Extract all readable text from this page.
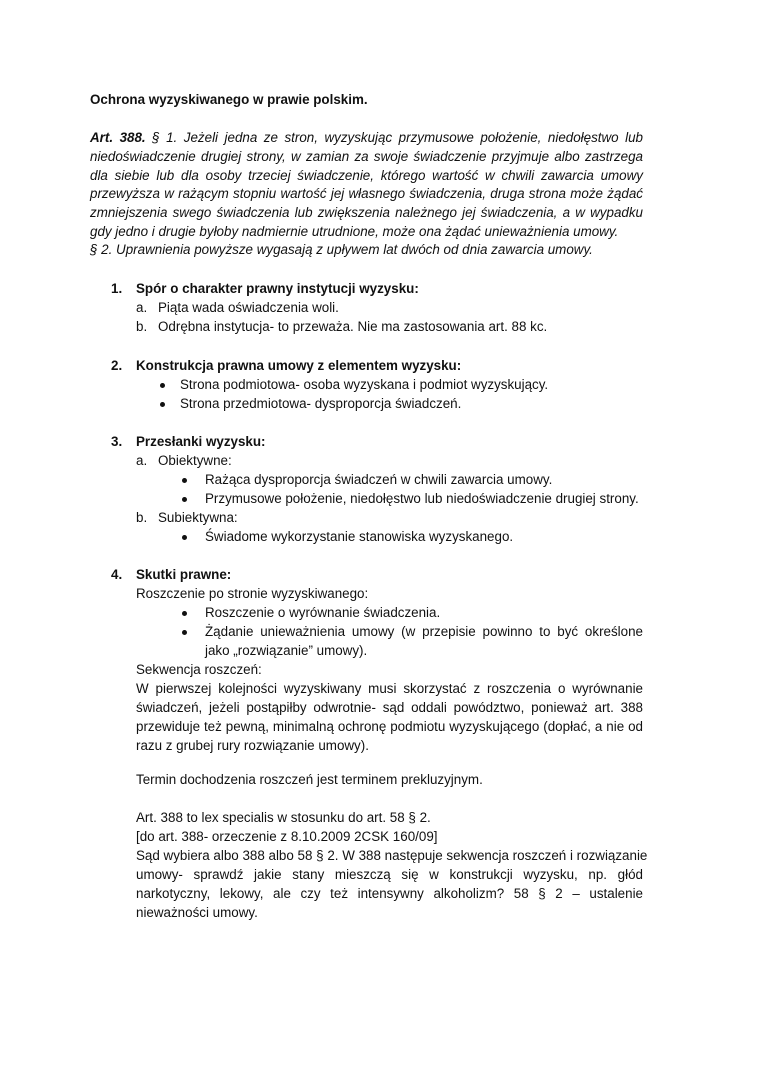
Ochrona wyzyskiwanego w prawie polskim.
Art. 388. § 1. Jeżeli jedna ze stron, wyzyskując przymusowe położenie, niedołęstwo lub
niedoświadczenie drugiej strony, w zamian za swoje świadczenie przyjmuje albo zastrzega
dla siebie lub dla osoby trzeciej świadczenie, którego wartość w chwili zawarcia umowy
przewyższa w rażącym stopniu wartość jej własnego świadczenia, druga strona może żądać
zmniejszenia swego świadczenia lub zwiększenia należnego jej świadczenia, a w wypadku
gdy jedno i drugie byłoby nadmiernie utrudnione, może ona żądać unieważnienia umowy.
§ 2. Uprawnienia powyższe wygasają z upływem lat dwóch od dnia zawarcia umowy.
1. Spór o charakter prawny instytucji wyzysku:
a. Piąta wada oświadczenia woli.
b. Odrębna instytucja- to przeważa. Nie ma zastosowania art. 88 kc.
2. Konstrukcja prawna umowy z elementem wyzysku:
Strona podmiotowa- osoba wyzyskana i podmiot wyzyskujący.
Strona przedmiotowa- dysproporcja świadczeń.
3. Przesłanki wyzysku:
a. Obiektywne:
Rażąca dysproporcja świadczeń w chwili zawarcia umowy.
Przymusowe położenie, niedołęstwo lub niedoświadczenie drugiej strony.
b. Subiektywna:
Świadome wykorzystanie stanowiska wyzyskanego.
4. Skutki prawne:
Roszczenie po stronie wyzyskiwanego:
Roszczenie o wyrównanie świadczenia.
Żądanie unieważnienia umowy (w przepisie powinno to być określone
jako „rozwiązanie” umowy).
Sekwencja roszczeń:
W pierwszej kolejności wyzyskiwany musi skorzystać z roszczenia o wyrównanie
świadczeń, jeżeli postąpiłby odwrotnie- sąd oddali powództwo, ponieważ art. 388
przewiduje też pewną, minimalną ochronę podmiotu wyzyskującego (dopłać, a nie od
razu z grubej rury rozwiązanie umowy).
Termin dochodzenia roszczeń jest terminem prekluzyjnym.
Art. 388 to lex specialis w stosunku do art. 58 § 2.
[do art. 388- orzeczenie z 8.10.2009 2CSK 160/09]
Sąd wybiera albo 388 albo 58 § 2. W 388 następuje sekwencja roszczeń i rozwiązanie
umowy- sprawdź jakie stany mieszczą się w konstrukcji wyzysku, np. głód
narkotyczny, lekowy, ale czy też intensywny alkoholizm? 58 § 2 – ustalenie
nieważności umowy.
